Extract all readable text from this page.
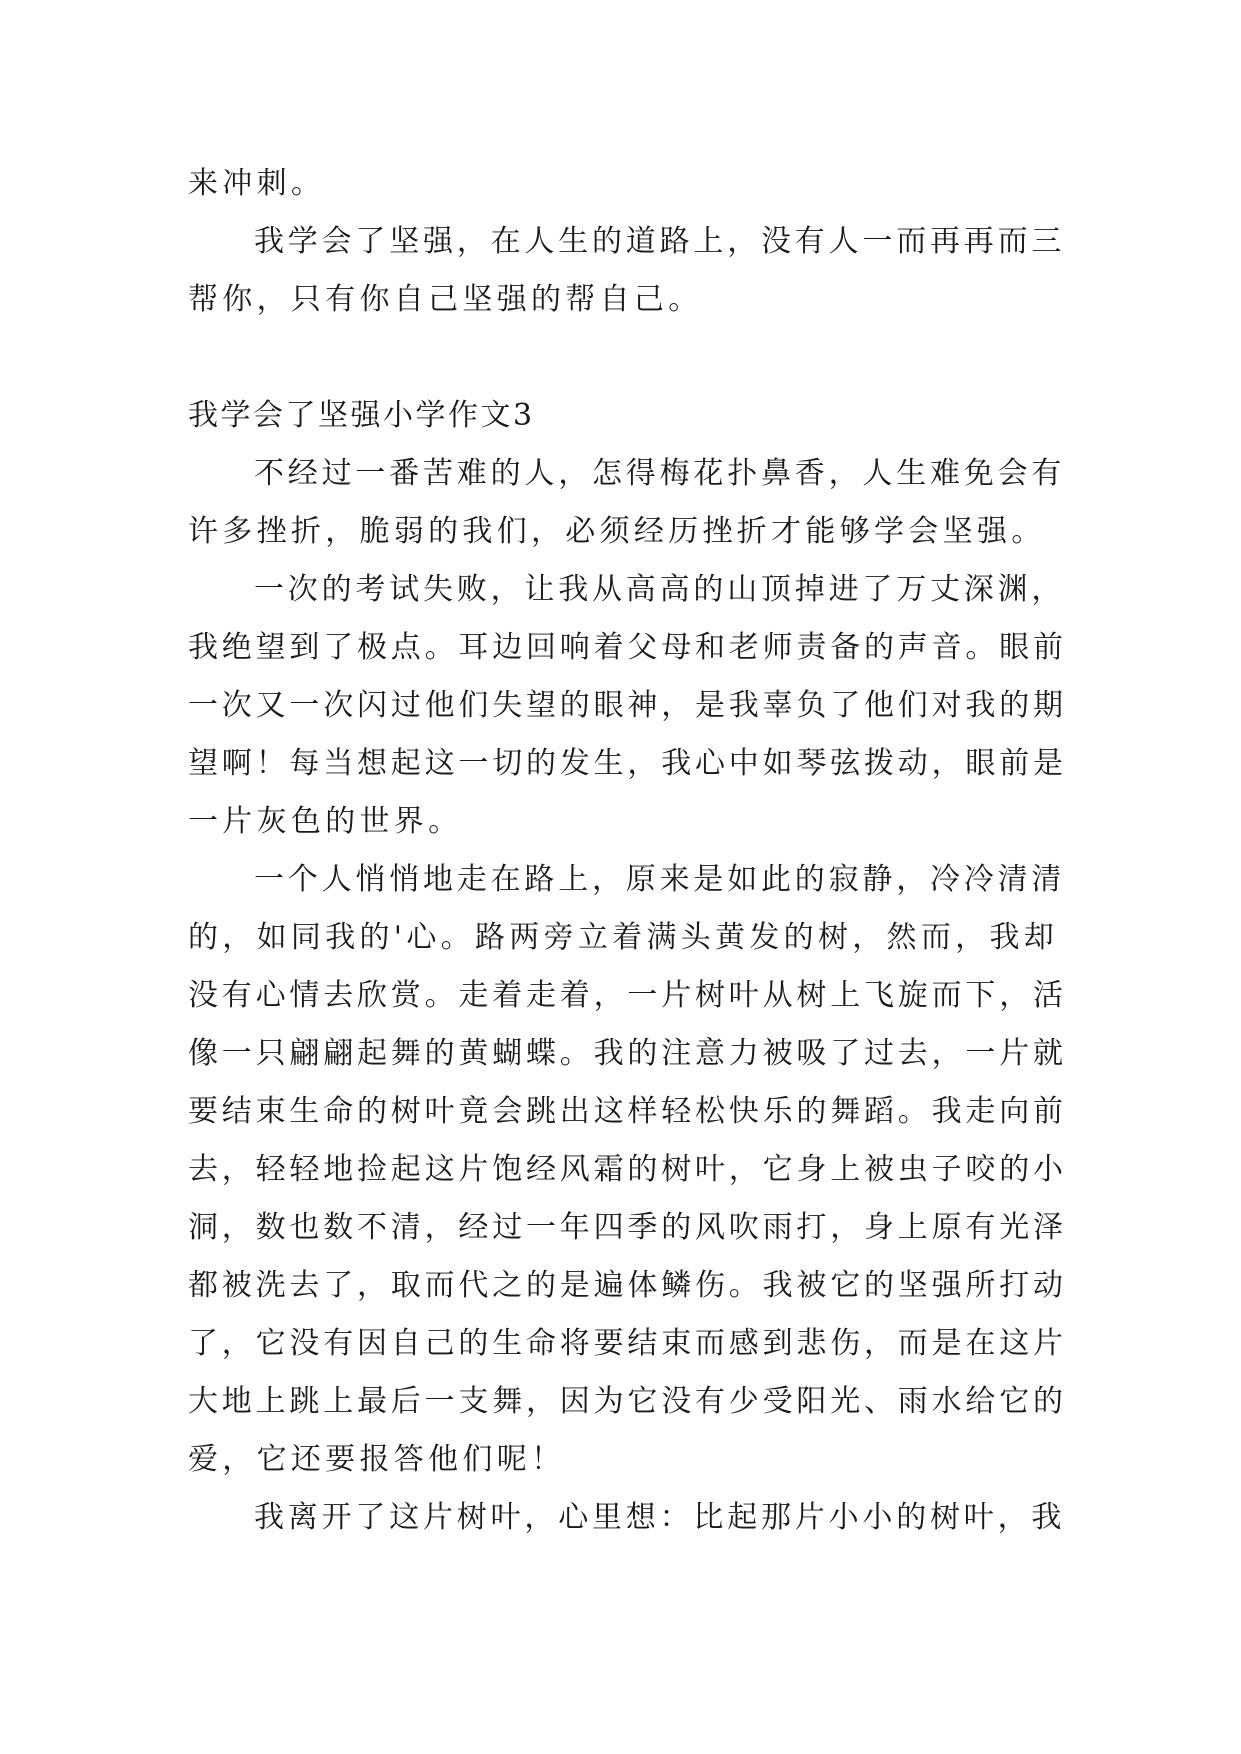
来冲刺。
我学会了坚强，在人生的道路上，没有人一而再再而三
帮你，只有你自己坚强的帮自己。
我学会了坚强小学作文3
不经过一番苦难的人，怎得梅花扑鼻香，人生难免会有
许多挫折，脆弱的我们，必须经历挫折才能够学会坚强。
一次的考试失败，让我从高高的山顶掉进了万丈深渊，
我绝望到了极点。耳边回响着父母和老师责备的声音。眼前
一次又一次闪过他们失望的眼神，是我辜负了他们对我的期
望啊！每当想起这一切的发生，我心中如琴弦拨动，眼前是
一片灰色的世界。
一个人悄悄地走在路上，原来是如此的寂静，冷冷清清
的，如同我的'心。路两旁立着满头黄发的树，然而，我却
没有心情去欣赏。走着走着，一片树叶从树上飞旋而下，活
像一只翩翩起舞的黄蝴蝶。我的注意力被吸了过去，一片就
要结束生命的树叶竟会跳出这样轻松快乐的舞蹈。我走向前
去，轻轻地捡起这片饱经风霜的树叶，它身上被虫子咬的小
洞，数也数不清，经过一年四季的风吹雨打，身上原有光泽
都被洗去了，取而代之的是遍体鳞伤。我被它的坚强所打动
了，它没有因自己的生命将要结束而感到悲伤，而是在这片
大地上跳上最后一支舞，因为它没有少受阳光、雨水给它的
爱，它还要报答他们呢！
我离开了这片树叶，心里想：比起那片小小的树叶，我
